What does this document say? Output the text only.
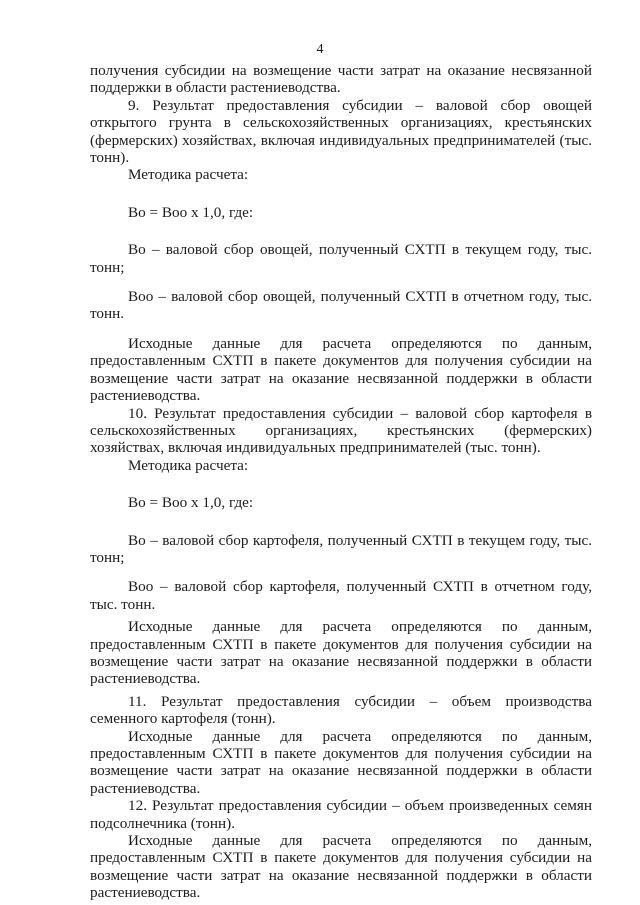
4

получения субсидии на возмещение части затрат на оказание несвязанной поддержки в области растениеводства.

9. Результат предоставления субсидии – валовой сбор овощей открытого грунта в сельскохозяйственных организациях, крестьянских (фермерских) хозяйствах, включая индивидуальных предпринимателей (тыс. тонн).

Методика расчета:

Во = Воо х 1,0, где:

Во – валовой сбор овощей, полученный СХТП в текущем году, тыс. тонн;

Воо – валовой сбор овощей, полученный СХТП в отчетном году, тыс. тонн.

Исходные данные для расчета определяются по данным, предоставленным СХТП в пакете документов для получения субсидии на возмещение части затрат на оказание несвязанной поддержки в области растениеводства.

10. Результат предоставления субсидии – валовой сбор картофеля в сельскохозяйственных организациях, крестьянских (фермерских) хозяйствах, включая индивидуальных предпринимателей (тыс. тонн).

Методика расчета:

Во = Воо х 1,0, где:

Во – валовой сбор картофеля, полученный СХТП в текущем году, тыс. тонн;

Воо – валовой сбор картофеля, полученный СХТП в отчетном году, тыс. тонн.

Исходные данные для расчета определяются по данным, предоставленным СХТП в пакете документов для получения субсидии на возмещение части затрат на оказание несвязанной поддержки в области растениеводства.

11. Результат предоставления субсидии – объем производства семенного картофеля (тонн).

Исходные данные для расчета определяются по данным, предоставленным СХТП в пакете документов для получения субсидии на возмещение части затрат на оказание несвязанной поддержки в области растениеводства.

12. Результат предоставления субсидии – объем произведенных семян подсолнечника (тонн).

Исходные данные для расчета определяются по данным, предоставленным СХТП в пакете документов для получения субсидии на возмещение части затрат на оказание несвязанной поддержки в области растениеводства.
